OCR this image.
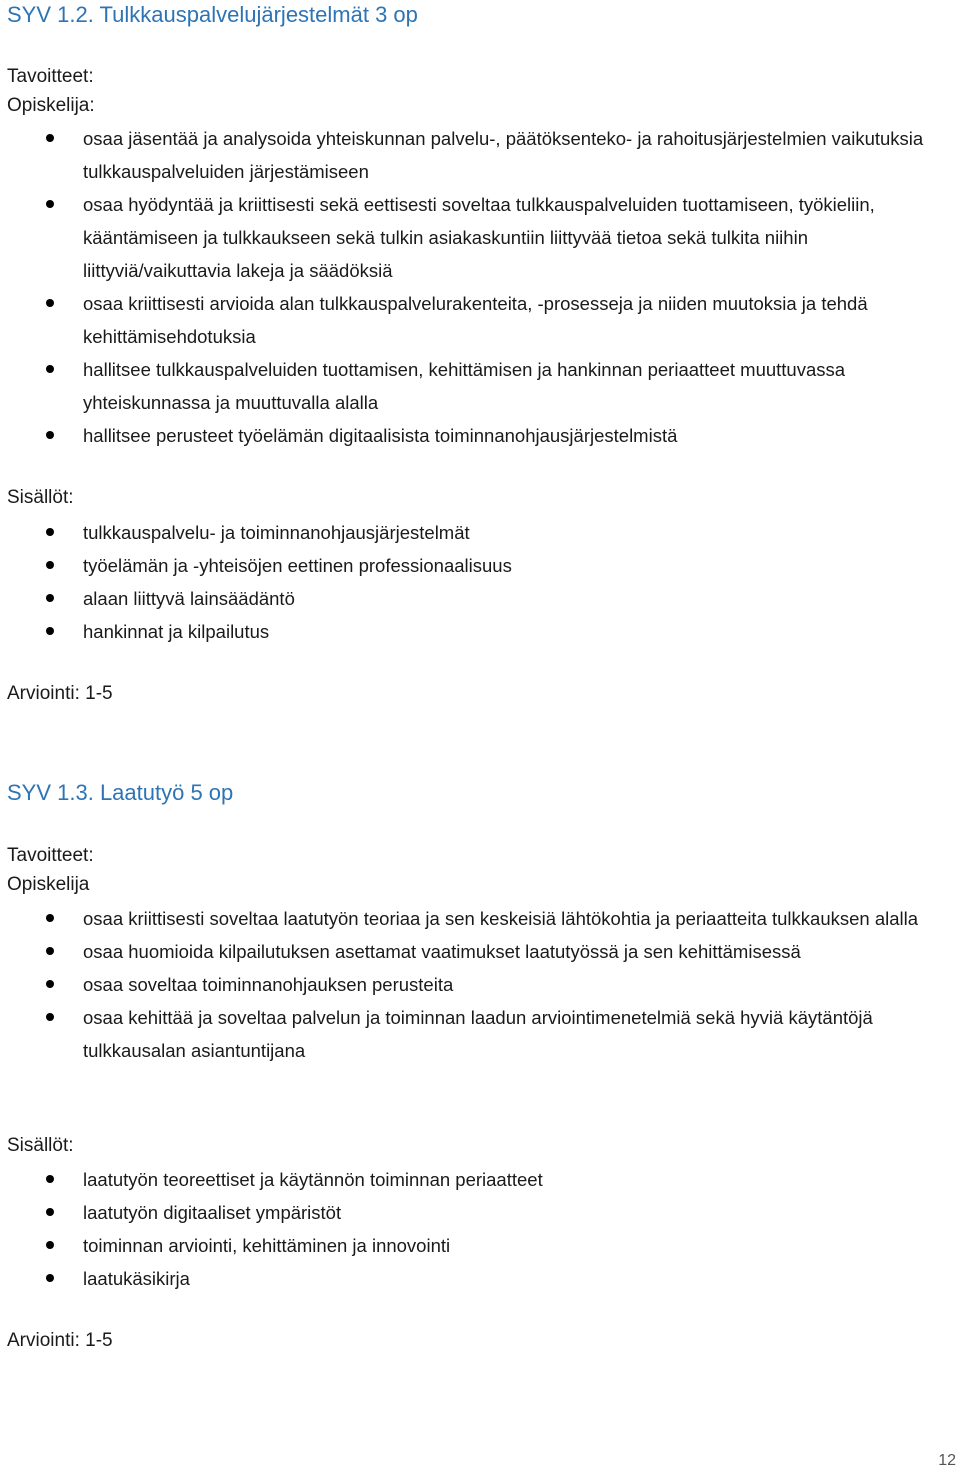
SYV 1.2. Tulkkauspalvelujärjestelmät 3 op
Tavoitteet:
Opiskelija:
osaa jäsentää ja analysoida yhteiskunnan palvelu-, päätöksenteko- ja rahoitusjärjestelmien vaikutuksia tulkkauspalveluiden järjestämiseen
osaa hyödyntää ja kriittisesti sekä eettisesti soveltaa tulkkauspalveluiden tuottamiseen, työkieliin, kääntämiseen ja tulkkaukseen sekä tulkin asiakaskuntiin liittyvää tietoa sekä tulkita niihin liittyviä/vaikuttavia lakeja ja säädöksiä
osaa kriittisesti arvioida alan tulkkauspalvelurakenteita, -prosesseja ja niiden muutoksia ja tehdä kehittämisehdotuksia
hallitsee tulkkauspalveluiden tuottamisen, kehittämisen ja hankinnan periaatteet muuttuvassa yhteiskunnassa ja muuttuvalla alalla
hallitsee perusteet työelämän digitaalisista toiminnanohjausjärjestelmistä
Sisällöt:
tulkkauspalvelu- ja toiminnanohjausjärjestelmät
työelämän ja -yhteisöjen eettinen professionaalisuus
alaan liittyvä lainsäädäntö
hankinnat ja kilpailutus
Arviointi: 1-5
SYV 1.3. Laatutyö 5 op
Tavoitteet:
Opiskelija
osaa kriittisesti soveltaa laatutyön teoriaa ja sen keskeisiä lähtökohtia ja periaatteita tulkkauksen alalla
osaa huomioida kilpailutuksen asettamat vaatimukset laatutyössä ja sen kehittämisessä
osaa soveltaa toiminnanohjauksen perusteita
osaa kehittää ja soveltaa palvelun ja toiminnan laadun arviointimenetelmiä sekä hyviä käytäntöjä tulkkausalan asiantuntijana
Sisällöt:
laatutyön teoreettiset ja käytännön toiminnan periaatteet
laatutyön digitaaliset ympäristöt
toiminnan arviointi, kehittäminen ja innovointi
laatukäsikirja
Arviointi: 1-5
12
